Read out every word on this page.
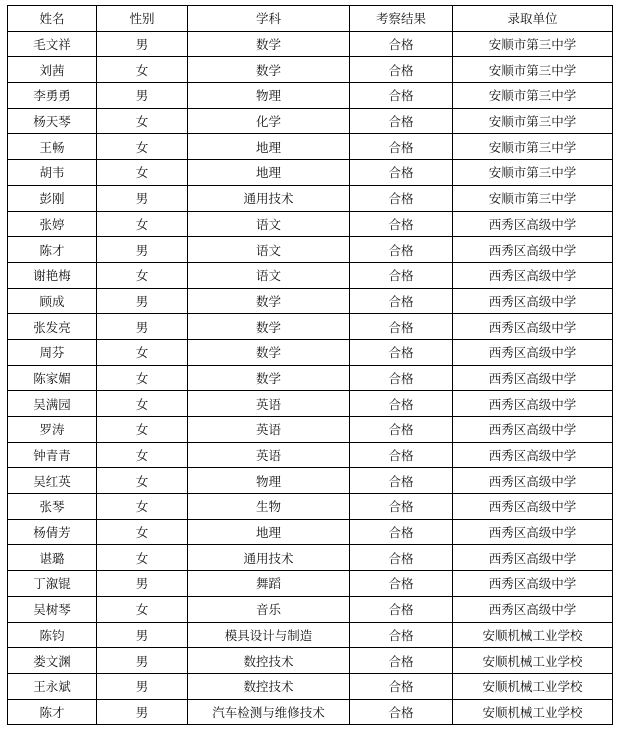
姓名	性别	学科	考察结果	录取单位
毛文祥	男	数学	合格	安顺市第三中学
刘茜	女	数学	合格	安顺市第三中学
李勇勇	男	物理	合格	安顺市第三中学
杨天琴	女	化学	合格	安顺市第三中学
王畅	女	地理	合格	安顺市第三中学
胡韦	女	地理	合格	安顺市第三中学
彭刚	男	通用技术	合格	安顺市第三中学
张婷	女	语文	合格	西秀区高级中学
陈才	男	语文	合格	西秀区高级中学
谢艳梅	女	语文	合格	西秀区高级中学
顾成	男	数学	合格	西秀区高级中学
张发亮	男	数学	合格	西秀区高级中学
周芬	女	数学	合格	西秀区高级中学
陈家媚	女	数学	合格	西秀区高级中学
吴满园	女	英语	合格	西秀区高级中学
罗涛	女	英语	合格	西秀区高级中学
钟青青	女	英语	合格	西秀区高级中学
吴红英	女	物理	合格	西秀区高级中学
张琴	女	生物	合格	西秀区高级中学
杨倩芳	女	地理	合格	西秀区高级中学
谌璐	女	通用技术	合格	西秀区高级中学
丁溆锟	男	舞蹈	合格	西秀区高级中学
吴树琴	女	音乐	合格	西秀区高级中学
陈钧	男	模具设计与制造	合格	安顺机械工业学校
娄文渊	男	数控技术	合格	安顺机械工业学校
王永斌	男	数控技术	合格	安顺机械工业学校
陈才	男	汽车检测与维修技术	合格	安顺机械工业学校
